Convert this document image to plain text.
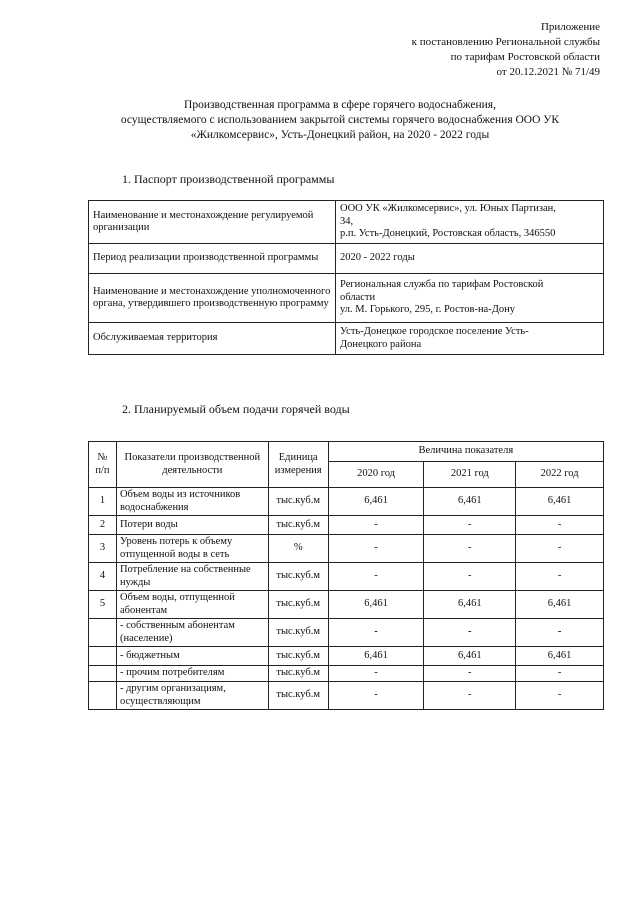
Приложение
к постановлению Региональной службы
по тарифам Ростовской области
от 20.12.2021 № 71/49
Производственная программа в сфере горячего водоснабжения,
осуществляемого с использованием закрытой системы горячего водоснабжения ООО УК
«Жилкомсервис», Усть-Донецкий район, на 2020 - 2022 годы
1. Паспорт производственной программы
Наименование и местонахождение регулируемой организации	ООО УК «Жилкомсервис», ул. Юных Партизан,
34,
р.п. Усть-Донецкий, Ростовская область, 346550

Период реализации производственной программы	2020 - 2022 годы

Наименование и местонахождение уполномоченного органа, утвердившего производственную программу	Региональная служба по тарифам Ростовской
области
ул. М. Горького, 295, г. Ростов-на-Дону

Обслуживаемая территория	Усть-Донецкое городское поселение Усть-
Донецкого района
2. Планируемый объем подачи горячей воды
№ п/п	Показатели производственной деятельности	Единица измерения	Величина показателя		
			2020 год	2021 год	2022 год
1	Объем воды из источников водоснабжения	тыс.куб.м	6,461	6,461	6,461
2	Потери воды	тыс.куб.м	-	-	-
3	Уровень потерь к объему отпущенной воды в сеть	%	-	-	-
4	Потребление на собственные нужды	тыс.куб.м	-	-	-
5	Объем воды, отпущенной абонентам	тыс.куб.м	6,461	6,461	6,461
	- собственным абонентам (население)	тыс.куб.м	-	-	-
	- бюджетным	тыс.куб.м	6,461	6,461	6,461
	- прочим потребителям	тыс.куб.м	-	-	-
	- другим организациям, осуществляющим	тыс.куб.м	-	-	-
